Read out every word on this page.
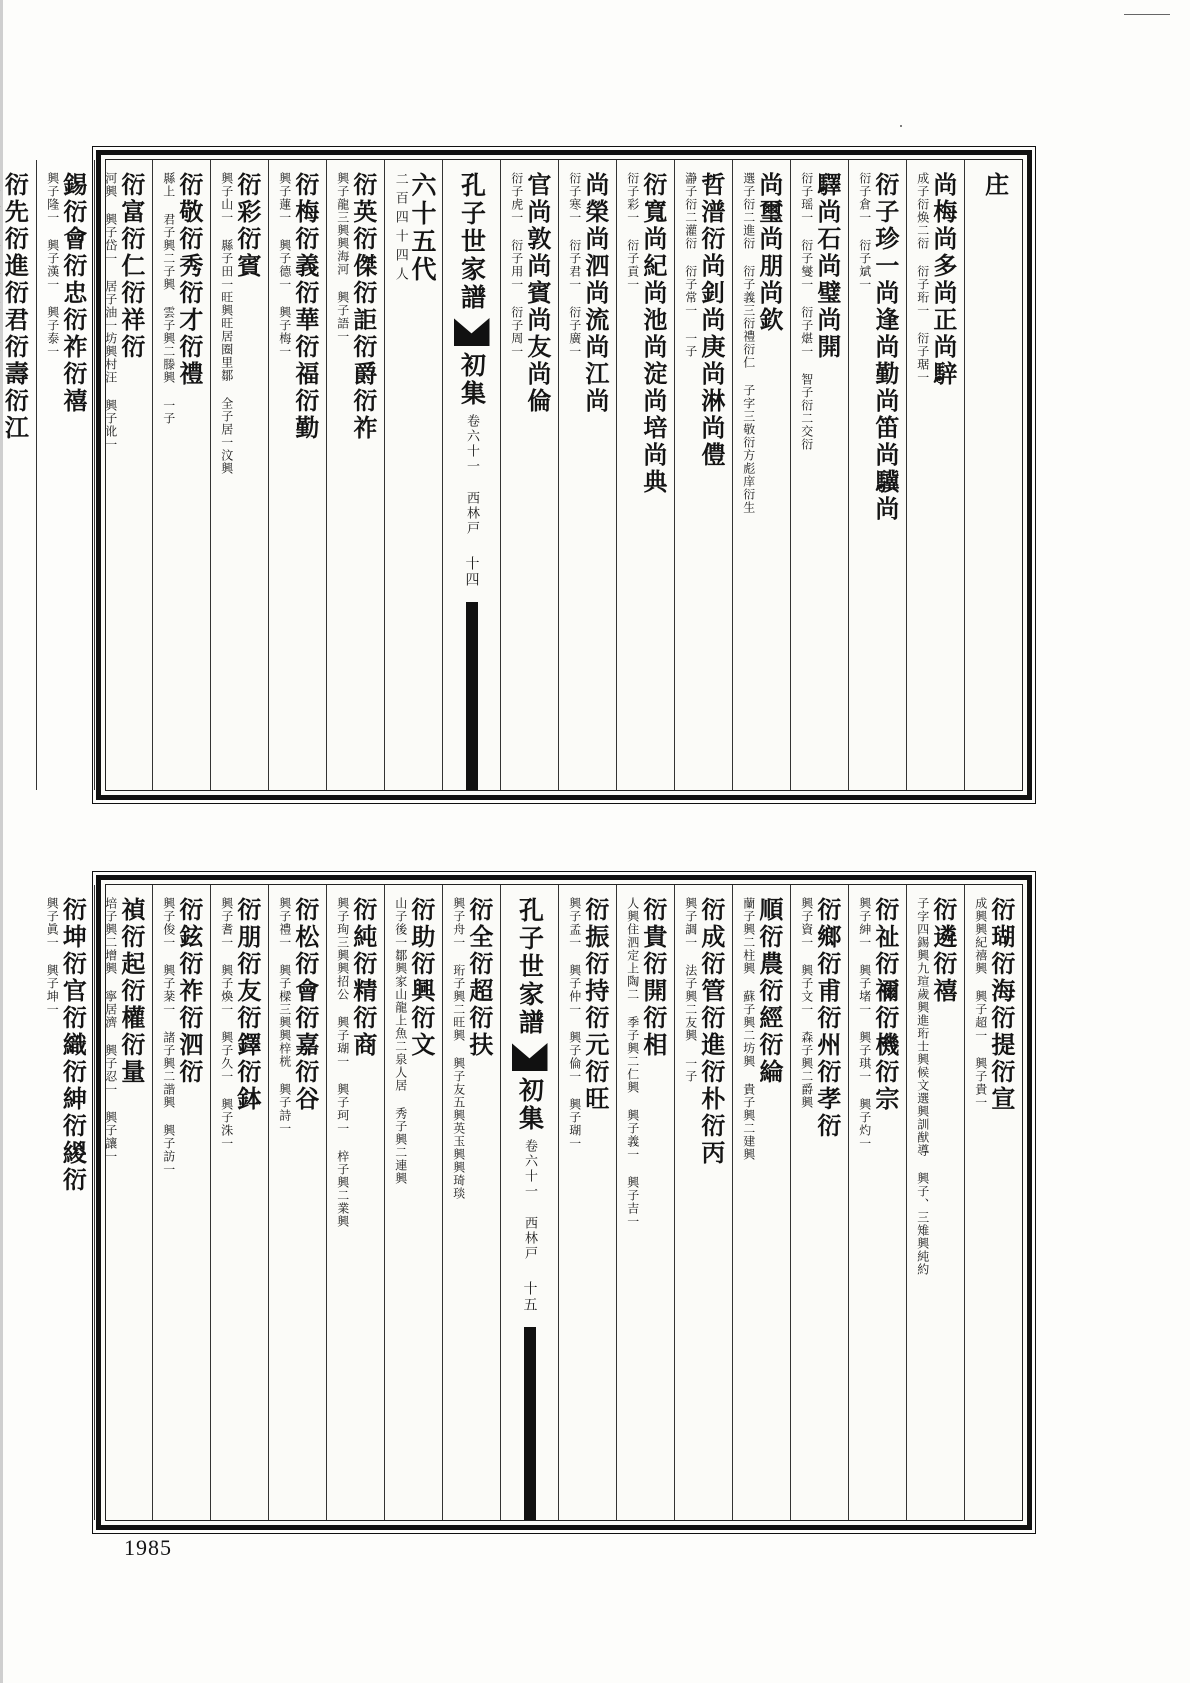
庄
尚梅尚多尚正尚騂
成子衍焕二衍 衍子珩一 衍子琚一
衍子珍一尚逢尚勤尚笛尚驥尚
衍子倉一 衍子斌一
驛尚石尚璧尚開
衍子瑶一 衍子燮一 衍子煁一 智子衍二交衍
尚璽尚朋尚欽
選子衍二進衍 衍子義三衍禮衍仁 子字三敬衍方彪庠衍生
哲潽衍尚釗尚庚尚淋尚僼
瀞子衍二灌衍 衍子常一 一子
衍寬尚紀尚池尚淀尚培尚典
衍子彩一 衍子貢一
尚榮尚泗尚流尚江尚
衍子寒一 衍子君一 衍子廣一
官尚敦尚賓尚友尚倫
衍子虎一 衍子用一 衍子周一
孔子世家譜
初集
卷六十一 西林戸
十四
六十五代
二百四十四人
衍英衍傑衍詎衍爵衍祚
興子龍三興興海河 興子語一
衍梅衍義衍華衍福衍勤
興子蓮一 興子德一 興子梅一
衍彩衍賓
興子山一 縣子田一旺興旺居圈里鄒 全子居一汶興
衍敬衍秀衍才衍禮
縣上 君子興二子興 雲子興二滕興 一子
衍富衍仁衍祥衍
河興 興子岱一 居子油一坊興村汪 興子讹一
錫衍會衍忠衍祚衍禧
興子隆一 興子漢一 興子泰一
衍先衍進衍君衍壽衍江
衍瑚衍海衍提衍宣
成興興紀禧興 興子超一 興子貴一
衍遴衍禧
子字四錫興九瑄歲興進珩士興候文選興訓猷導 興子、三雉興純約
衍祉衍禰衍機衍宗
興子紳一 興子堵一 興子琪一 興子灼一
衍鄉衍甫衍州衍孝衍
興子資一 興子文一 森子興二爵興
順衍農衍經衍綸
蘭子興二柱興 蘇子興二坊興 貴子興二建興
衍成衍管衍進衍朴衍丙
興子調一 法子興二友興 一子
衍貴衍開衍相
人興住泗定上陶二 季子興二仁興 興子義一 興子吉一
衍振衍持衍元衍旺
興子孟一 興子仲一 興子倫一 興子瑚一
孔子世家譜
初集
卷六十一 西林戸
十五
衍全衍超衍扶
興子舟一 珩子興二旺興 興子友五興英玉興興琦琰
衍助衍興衍文
山子後一鄒興家山龍上魚二泉人居 秀子興二連興
衍純衍精衍商
興子珣三興興招公 興子瑚一 興子珂一 梓子興二業興
衍松衍會衍嘉衍谷
興子禮一 興子樑三興興梓桄 興子詩一
衍朋衍友衍鐸衍鉢
興子耆一 興子煥一 興子久一 興子洙一
衍鉉衍祚衍泗衍
興子俊一 興子棻一 諸子興二諧興 興子訪一
禎衍起衍權衍量
培子興二增興 寧居濟 興子忍一 興子讓一
衍坤衍官衍織衍紳衍緵衍
興子眞一 興子坤一
1985
